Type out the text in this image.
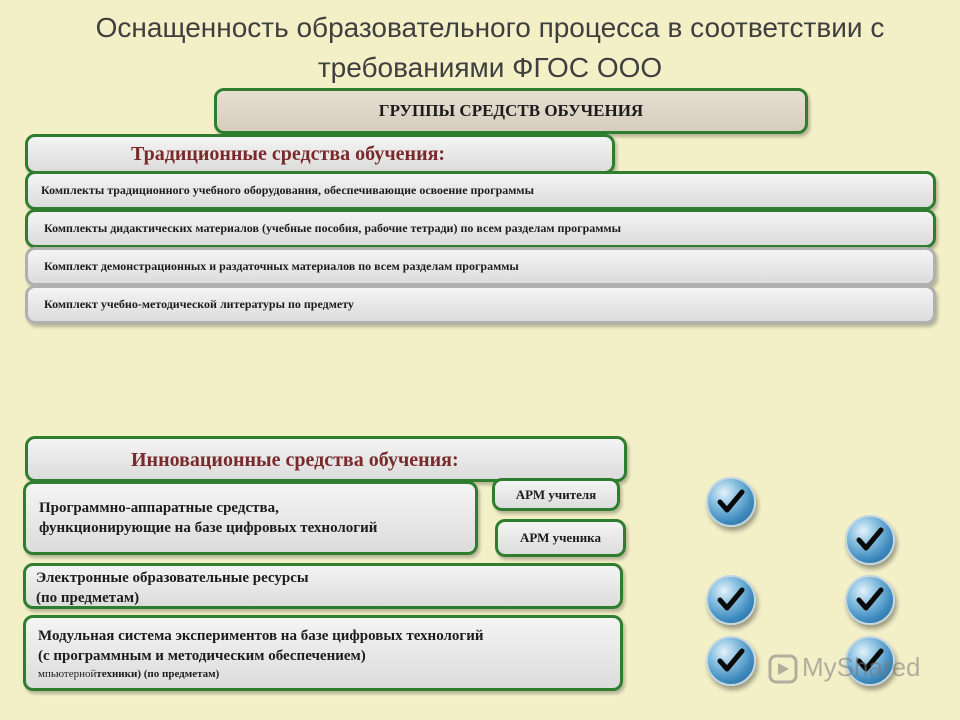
Оснащенность образовательного процесса в соответствии с
требованиями ФГОС ООО
ГРУППЫ СРЕДСТВ ОБУЧЕНИЯ
Традиционные средства обучения:
Комплекты традиционного учебного оборудования, обеспечивающие освоение программы
Комплекты дидактических материалов (учебные пособия, рабочие тетради) по всем разделам программы
Комплект демонстрационных и раздаточных материалов по всем разделам программы
Комплект учебно-методической литературы по предмету
Инновационные средства обучения:
Программно-аппаратные средства,
функционирующие на базе цифровых технологий
АРМ учителя
АРМ ученика
Электронные образовательные ресурсы
(по предметам)
Модульная система экспериментов на базе цифровых технологий
(с программным и методическим обеспечением)
мпьютернойтехники) (по предметам)	MyShared
